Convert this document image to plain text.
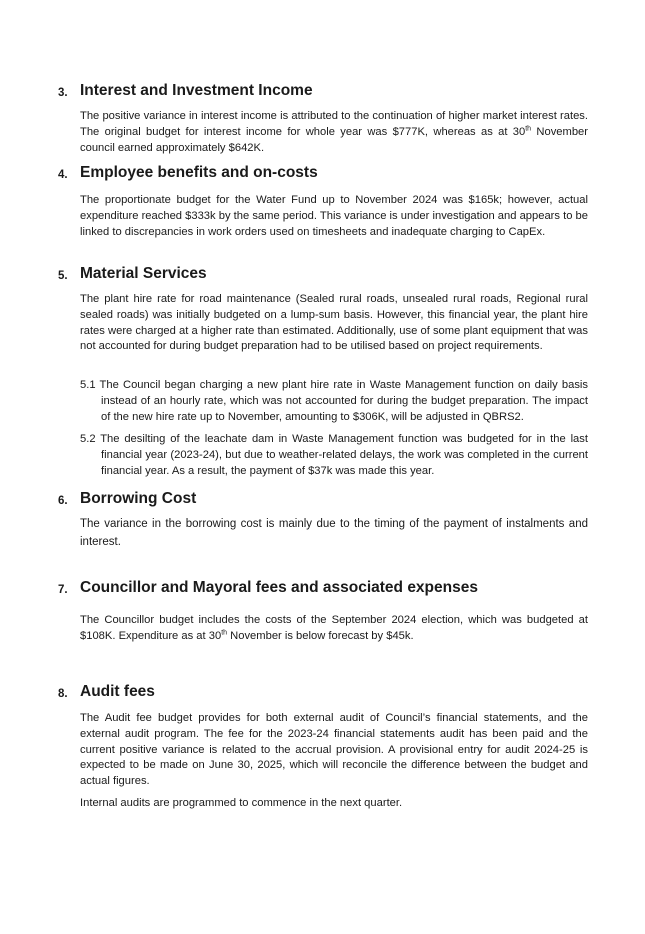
3. Interest and Investment Income

The positive variance in interest income is attributed to the continuation of higher market interest rates. The original budget for interest income for whole year was $777K, whereas as at 30th November council earned approximately $642K.

4. Employee benefits and on-costs

The proportionate budget for the Water Fund up to November 2024 was $165k; however, actual expenditure reached $333k by the same period. This variance is under investigation and appears to be linked to discrepancies in work orders used on timesheets and inadequate charging to CapEx.

5. Material Services

The plant hire rate for road maintenance (Sealed rural roads, unsealed rural roads, Regional rural sealed roads) was initially budgeted on a lump-sum basis. However, this financial year, the plant hire rates were charged at a higher rate than estimated. Additionally, use of some plant equipment that was not accounted for during budget preparation had to be utilised based on project requirements.

5.1 The Council began charging a new plant hire rate in Waste Management function on daily basis instead of an hourly rate, which was not accounted for during the budget preparation. The impact of the new hire rate up to November, amounting to $306K, will be adjusted in QBRS2.

5.2 The desilting of the leachate dam in Waste Management function was budgeted for in the last financial year (2023-24), but due to weather-related delays, the work was completed in the current financial year. As a result, the payment of $37k was made this year.

6. Borrowing Cost

The variance in the borrowing cost is mainly due to the timing of the payment of instalments and interest.

7. Councillor and Mayoral fees and associated expenses

The Councillor budget includes the costs of the September 2024 election, which was budgeted at $108K. Expenditure as at 30th November is below forecast by $45k.

8. Audit fees

The Audit fee budget provides for both external audit of Council’s financial statements, and the external audit program. The fee for the 2023-24 financial statements audit has been paid and the current positive variance is related to the accrual provision. A provisional entry for audit 2024-25 is expected to be made on June 30, 2025, which will reconcile the difference between the budget and actual figures.

Internal audits are programmed to commence in the next quarter.
